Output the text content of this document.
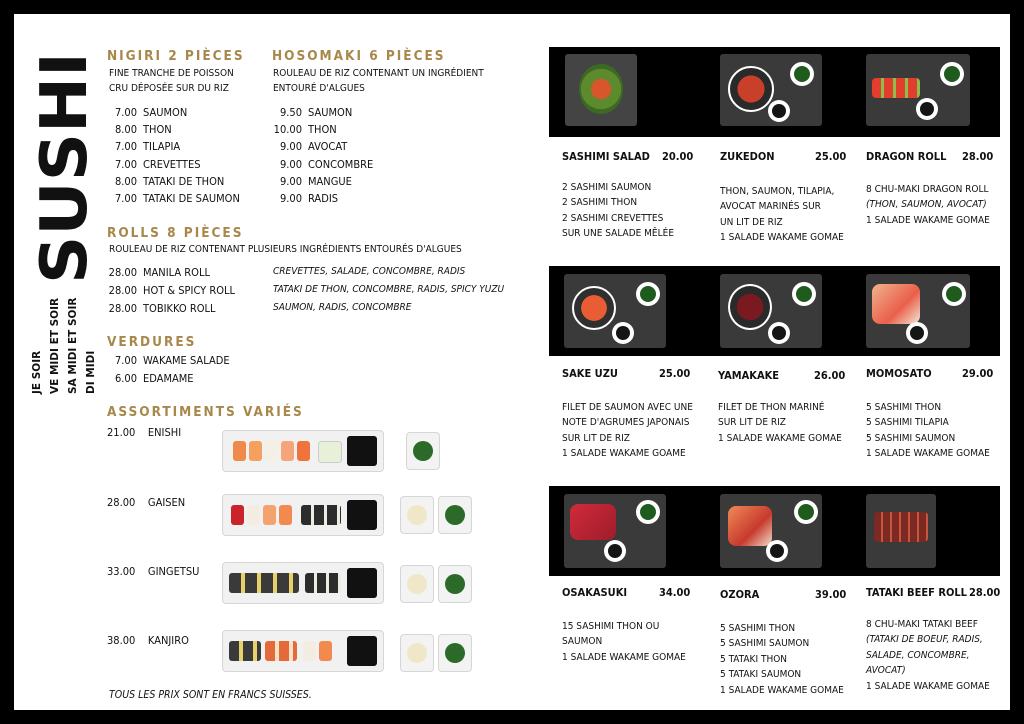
SUSHI
JE SOIR VE MIDI ET SOIR SA MIDI ET SOIR DI MIDI
NIGIRI 2 PIÈCES
FINE TRANCHE DE POISSON
CRU DÉPOSÉE SUR DU RIZ
7.00 SAUMON
8.00 THON
7.00 TILAPIA
7.00 CREVETTES
8.00 TATAKI DE THON
7.00 TATAKI DE SAUMON
HOSOMAKI 6 PIÈCES
ROULEAU DE RIZ CONTENANT UN INGRÉDIENT
ENTOURÉ D'ALGUES
9.50 SAUMON
10.00 THON
9.00 AVOCAT
9.00 CONCOMBRE
9.00 MANGUE
9.00 RADIS
ROLLS 8 PIÈCES
ROULEAU DE RIZ CONTENANT PLUSIEURS INGRÉDIENTS ENTOURÉS D'ALGUES
28.00 MANILA ROLL	CREVETTES, SALADE, CONCOMBRE, RADIS
28.00 HOT & SPICY ROLL	TATAKI DE THON, CONCOMBRE, RADIS, SPICY YUZU
28.00 TOBIKKO ROLL	SAUMON, RADIS, CONCOMBRE
VERDURES
7.00 WAKAME SALADE
6.00 EDAMAME
ASSORTIMENTS VARIÉS
21.00 ENISHI
28.00 GAISEN
33.00 GINGETSU
38.00 KANJIRO
TOUS LES PRIX SONT EN FRANCS SUISSES.
SASHIMI SALAD 20.00
2 SASHIMI SAUMON
2 SASHIMI THON
2 SASHIMI CREVETTES
SUR UNE SALADE MÊLÉE
ZUKEDON	25.00
THON, SAUMON, TILAPIA,
AVOCAT MARINÉS SUR
UN LIT DE RIZ
1 SALADE WAKAME GOMAE
DRAGON ROLL 28.00
8 CHU-MAKI DRAGON ROLL
(THON, SAUMON, AVOCAT)
1 SALADE WAKAME GOMAE
SAKE UZU	25.00
FILET DE SAUMON AVEC UNE
NOTE D'AGRUMES JAPONAIS
SUR LIT DE RIZ
1 SALADE WAKAME GOAME
YAMAKAKE	26.00
FILET DE THON MARINÉ
SUR LIT DE RIZ
1 SALADE WAKAME GOMAE
MOMOSATO	29.00
5 SASHIMI THON
5 SASHIMI TILAPIA
5 SASHIMI SAUMON
1 SALADE WAKAME GOMAE
OSAKASUKI	34.00
15 SASHIMI THON OU
SAUMON
1 SALADE WAKAME GOMAE
OZORA	39.00
5 SASHIMI THON
5 SASHIMI SAUMON
5 TATAKI THON
5 TATAKI SAUMON
1 SALADE WAKAME GOMAE
TATAKI BEEF ROLL 28.00
8 CHU-MAKI TATAKI BEEF
(TATAKI DE BOEUF, RADIS,
SALADE, CONCOMBRE,
AVOCAT)
1 SALADE WAKAME GOMAE
